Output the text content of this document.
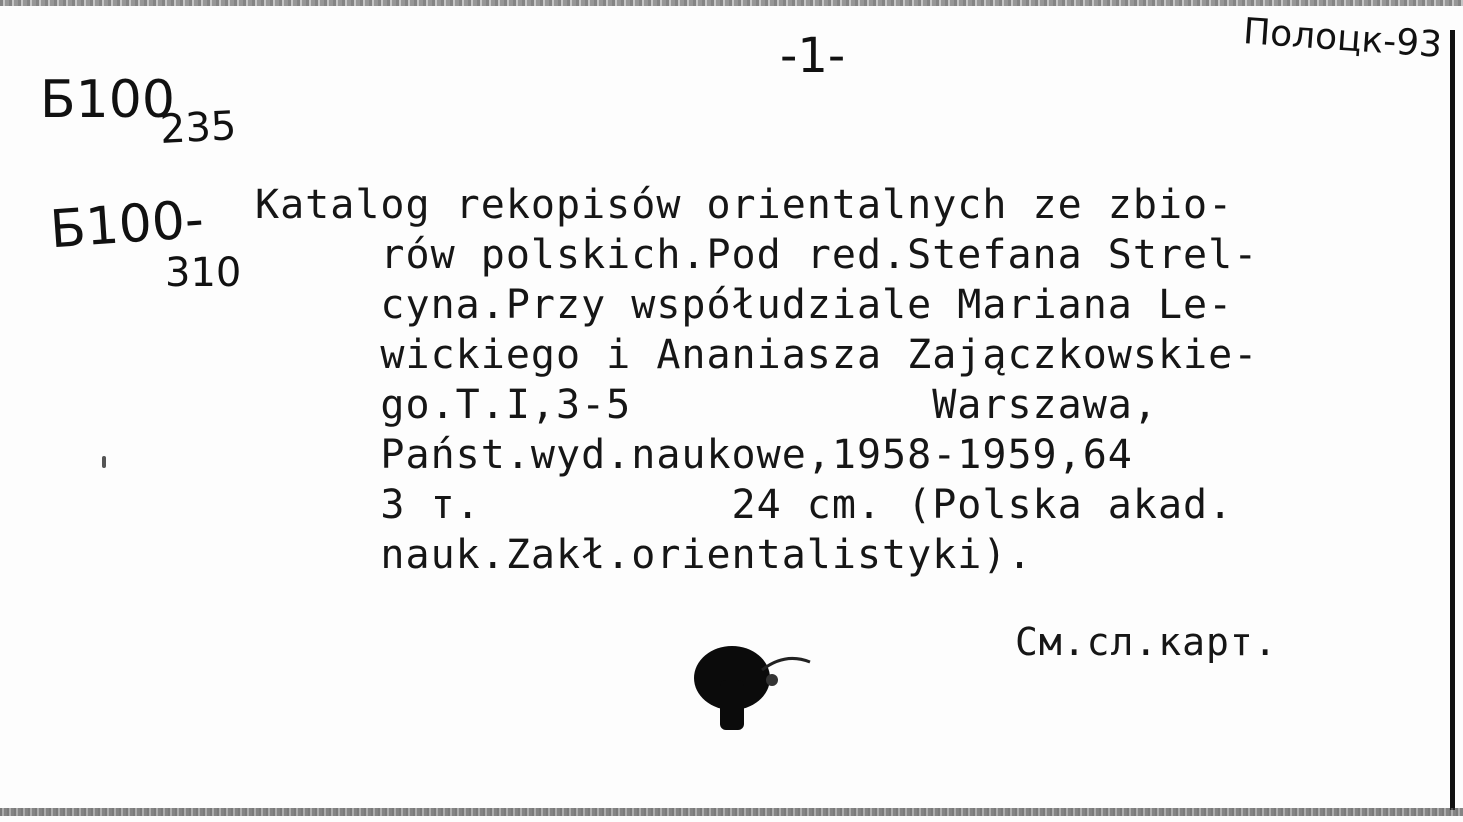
-1-	Полоцк-93
Б100
235
Б100-
310
Katalog rekopisów orientalnych ze zbio-
rów polskich.Pod red.Stefana Strel-
cyna.Przy współudziale Mariana Le-
wickiego i Ananiasza Zajączkowskie-
go.T.I,3-5            Warszawa,
Państ.wyd.naukowe,1958-1959,64
3 т.          24 cm. (Polska akad.
nauk.Zakł.orientalistyki).
См.сл.карт.
